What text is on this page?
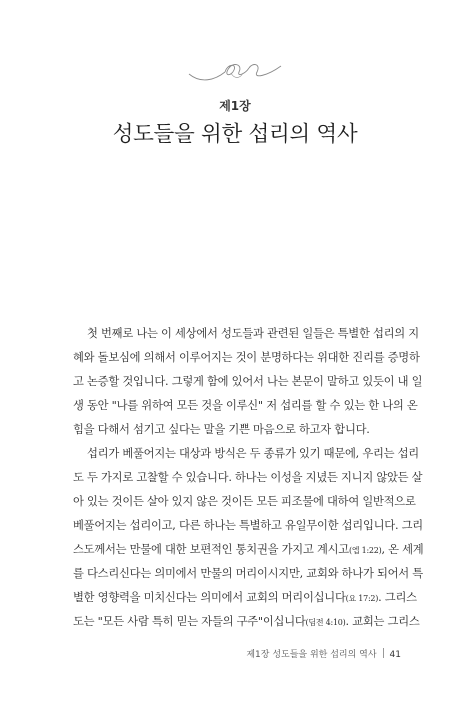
제1장
성도들을 위한 섭리의 역사
첫 번째로 나는 이 세상에서 성도들과 관련된 일들은 특별한 섭리의 지
혜와 돌보심에 의해서 이루어지는 것이 분명하다는 위대한 진리를 증명하
고 논증할 것입니다. 그렇게 함에 있어서 나는 본문이 말하고 있듯이 내 일
생 동안 "나를 위하여 모든 것을 이루신" 저 섭리를 할 수 있는 한 나의 온
힘을 다해서 섬기고 싶다는 말을 기쁜 마음으로 하고자 합니다.
섭리가 베풀어지는 대상과 방식은 두 종류가 있기 때문에, 우리는 섭리
도 두 가지로 고찰할 수 있습니다. 하나는 이성을 지녔든 지니지 않았든 살
아 있는 것이든 살아 있지 않은 것이든 모든 피조물에 대하여 일반적으로
베풀어지는 섭리이고, 다른 하나는 특별하고 유일무이한 섭리입니다. 그리
스도께서는 만물에 대한 보편적인 통치권을 가지고 계시고(엡 1:22), 온 세계
를 다스리신다는 의미에서 만물의 머리이시지만, 교회와 하나가 되어서 특
별한 영향력을 미치신다는 의미에서 교회의 머리이십니다(요 17:2). 그리스
도는 "모든 사람 특히 믿는 자들의 구주"이십니다(딤전 4:10). 교회는 그리스
제1장 성도들을 위한 섭리의 역사 41
